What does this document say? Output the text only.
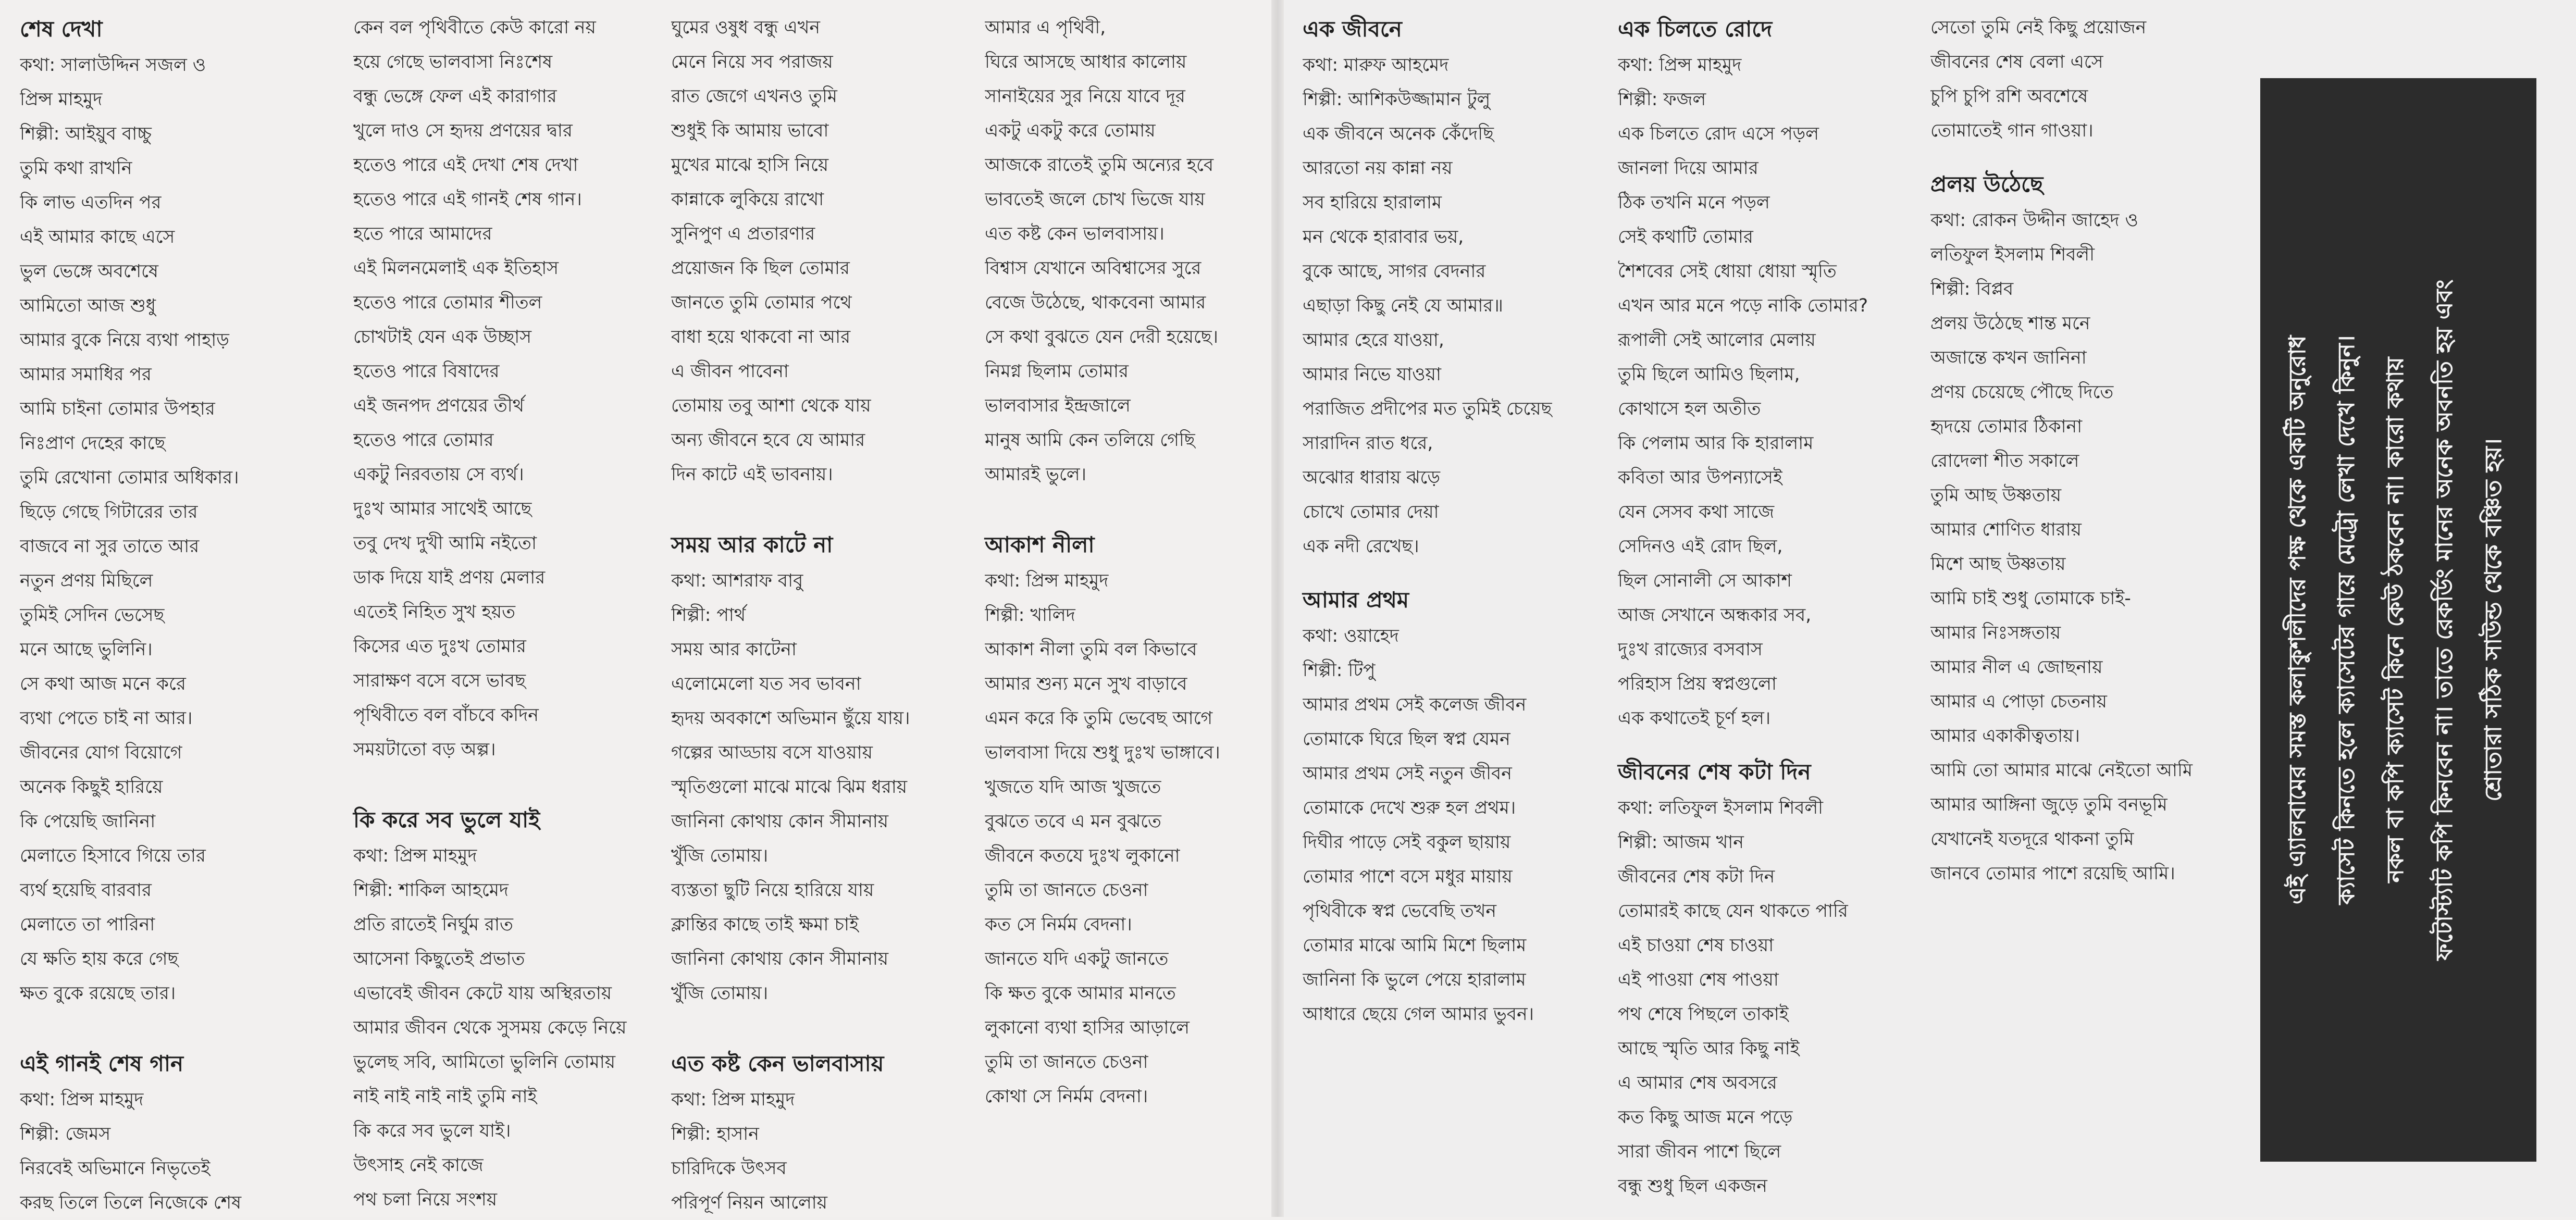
শেষ দেখা
কথা: সালাউদ্দিন সজল ও
প্রিন্স মাহমুদ
শিল্পী: আইয়ুব বাচ্চু
তুমি কথা রাখনি
কি লাভ এতদিন পর
এই আমার কাছে এসে
ভুল ভেঙ্গে অবশেষে
আমিতো আজ শুধু
আমার বুকে নিয়ে ব্যথা পাহাড়
আমার সমাধির পর
আমি চাইনা তোমার উপহার
নিঃপ্রাণ দেহের কাছে
তুমি রেখোনা তোমার অধিকার।
ছিড়ে গেছে গিটারের তার
বাজবে না সুর তাতে আর
নতুন প্রণয় মিছিলে
তুমিই সেদিন ভেসেছ
মনে আছে ভুলিনি।
সে কথা আজ মনে করে
ব্যথা পেতে চাই না আর।
জীবনের যোগ বিয়োগে
অনেক কিছুই হারিয়ে
কি পেয়েছি জানিনা
মেলাতে হিসাবে গিয়ে তার
ব্যর্থ হয়েছি বারবার
মেলাতে তা পারিনা
যে ক্ষতি হায় করে গেছ
ক্ষত বুকে রয়েছে তার।
এই গানই শেষ গান
কথা: প্রিন্স মাহমুদ
শিল্পী: জেমস
নিরবেই অভিমানে নিভৃতেই
করছ তিলে তিলে নিজেকে শেষ
কেন বল পৃথিবীতে কেউ কারো নয়
হয়ে গেছে ভালবাসা নিঃশেষ
বন্ধু ভেঙ্গে ফেল এই কারাগার
খুলে দাও সে হৃদয় প্রণয়ের দ্বার
হতেও পারে এই দেখা শেষ দেখা
হতেও পারে এই গানই শেষ গান।
হতে পারে আমাদের
এই মিলনমেলাই এক ইতিহাস
হতেও পারে তোমার শীতল
চোখটাই যেন এক উচ্ছাস
হতেও পারে বিষাদের
এই জনপদ প্রণয়ের তীর্থ
হতেও পারে তোমার
একটু নিরবতায় সে ব্যর্থ।
দুঃখ আমার সাথেই আছে
তবু দেখ দুখী আমি নইতো
ডাক দিয়ে যাই প্রণয় মেলার
এতেই নিহিত সুখ হয়ত
কিসের এত দুঃখ তোমার
সারাক্ষণ বসে বসে ভাবছ
পৃথিবীতে বল বাঁচবে কদিন
সময়টাতো বড় অল্প।
কি করে সব ভুলে যাই
কথা: প্রিন্স মাহমুদ
শিল্পী: শাকিল আহমেদ
প্রতি রাতেই নির্ঘুম রাত
আসেনা কিছুতেই প্রভাত
এভাবেই জীবন কেটে যায় অস্থিরতায়
আমার জীবন থেকে সুসময় কেড়ে নিয়ে
ভুলেছ সবি, আমিতো ভুলিনি তোমায়
নাই নাই নাই নাই তুমি নাই
কি করে সব ভুলে যাই।
উৎসাহ নেই কাজে
পথ চলা নিয়ে সংশয়
ঘুমের ওষুধ বন্ধু এখন
মেনে নিয়ে সব পরাজয়
রাত জেগে এখনও তুমি
শুধুই কি আমায় ভাবো
মুখের মাঝে হাসি নিয়ে
কান্নাকে লুকিয়ে রাখো
সুনিপুণ এ প্রতারণার
প্রয়োজন কি ছিল তোমার
জানতে তুমি তোমার পথে
বাধা হয়ে থাকবো না আর
এ জীবন পাবেনা
তোমায় তবু আশা থেকে যায়
অন্য জীবনে হবে যে আমার
দিন কাটে এই ভাবনায়।
সময় আর কাটে না
কথা: আশরাফ বাবু
শিল্পী: পার্থ
সময় আর কাটেনা
এলোমেলো যত সব ভাবনা
হৃদয় অবকাশে অভিমান ছুঁয়ে যায়।
গল্পের আড্ডায় বসে যাওয়ায়
স্মৃতিগুলো মাঝে মাঝে ঝিম ধরায়
জানিনা কোথায় কোন সীমানায়
খুঁজি তোমায়।
ব্যস্ততা ছুটি নিয়ে হারিয়ে যায়
ক্লান্তির কাছে তাই ক্ষমা চাই
জানিনা কোথায় কোন সীমানায়
খুঁজি তোমায়।
এত কষ্ট কেন ভালবাসায়
কথা: প্রিন্স মাহমুদ
শিল্পী: হাসান
চারিদিকে উৎসব
পরিপূর্ণ নিয়ন আলোয়
আমার এ পৃথিবী,
ঘিরে আসছে আধার কালোয়
সানাইয়ের সুর নিয়ে যাবে দূর
একটু একটু করে তোমায়
আজকে রাতেই তুমি অন্যের হবে
ভাবতেই জলে চোখ ভিজে যায়
এত কষ্ট কেন ভালবাসায়।
বিশ্বাস যেখানে অবিশ্বাসের সুরে
বেজে উঠেছে, থাকবেনা আমার
সে কথা বুঝতে যেন দেরী হয়েছে।
নিমগ্ন ছিলাম তোমার
ভালবাসার ইন্দ্রজালে
মানুষ আমি কেন তলিয়ে গেছি
আমারই ভুলে।
আকাশ নীলা
কথা: প্রিন্স মাহমুদ
শিল্পী: খালিদ
আকাশ নীলা তুমি বল কিভাবে
আমার শুন্য মনে সুখ বাড়াবে
এমন করে কি তুমি ভেবেছ আগে
ভালবাসা দিয়ে শুধু দুঃখ ভাঙ্গাবে।
খুজতে যদি আজ খুজতে
বুঝতে তবে এ মন বুঝতে
জীবনে কতযে দুঃখ লুকানো
তুমি তা জানতে চেওনা
কত সে নির্মম বেদনা।
জানতে যদি একটু জানতে
কি ক্ষত বুকে আমার মানতে
লুকানো ব্যথা হাসির আড়ালে
তুমি তা জানতে চেওনা
কোথা সে নির্মম বেদনা।
এক জীবনে
কথা: মারুফ আহমেদ
শিল্পী: আশিকউজ্জামান টুলু
এক জীবনে অনেক কেঁদেছি
আরতো নয় কান্না নয়
সব হারিয়ে হারালাম
মন থেকে হারাবার ভয়,
বুকে আছে, সাগর বেদনার
এছাড়া কিছু নেই যে আমার॥
আমার হেরে যাওয়া,
আমার নিভে যাওয়া
পরাজিত প্রদীপের মত তুমিই চেয়েছ
সারাদিন রাত ধরে,
অঝোর ধারায় ঝড়ে
চোখে তোমার দেয়া
এক নদী রেখেছ।
আমার প্রথম
কথা: ওয়াহেদ
শিল্পী: টিপু
আমার প্রথম সেই কলেজ জীবন
তোমাকে ঘিরে ছিল স্বপ্ন যেমন
আমার প্রথম সেই নতুন জীবন
তোমাকে দেখে শুরু হল প্রথম।
দিঘীর পাড়ে সেই বকুল ছায়ায়
তোমার পাশে বসে মধুর মায়ায়
পৃথিবীকে স্বপ্ন ভেবেছি তখন
তোমার মাঝে আমি মিশে ছিলাম
জানিনা কি ভুলে পেয়ে হারালাম
আধারে ছেয়ে গেল আমার ভুবন।
এক চিলতে রোদে
কথা: প্রিন্স মাহমুদ
শিল্পী: ফজল
এক চিলতে রোদ এসে পড়ল
জানলা দিয়ে আমার
ঠিক তখনি মনে পড়ল
সেই কথাটি তোমার
শৈশবের সেই ধোয়া ধোয়া স্মৃতি
এখন আর মনে পড়ে নাকি তোমার?
রূপালী সেই আলোর মেলায়
তুমি ছিলে আমিও ছিলাম,
কোথাসে হল অতীত
কি পেলাম আর কি হারালাম
কবিতা আর উপন্যাসেই
যেন সেসব কথা সাজে
সেদিনও এই রোদ ছিল,
ছিল সোনালী সে আকাশ
আজ সেখানে অন্ধকার সব,
দুঃখ রাজ্যের বসবাস
পরিহাস প্রিয় স্বপ্নগুলো
এক কথাতেই চূর্ণ হল।
জীবনের শেষ কটা দিন
কথা: লতিফুল ইসলাম শিবলী
শিল্পী: আজম খান
জীবনের শেষ কটা দিন
তোমারই কাছে যেন থাকতে পারি
এই চাওয়া শেষ চাওয়া
এই পাওয়া শেষ পাওয়া
পথ শেষে পিছলে তাকাই
আছে স্মৃতি আর কিছু নাই
এ আমার শেষ অবসরে
কত কিছু আজ মনে পড়ে
সারা জীবন পাশে ছিলে
বন্ধু শুধু ছিল একজন
সেতো তুমি নেই কিছু প্রয়োজন
জীবনের শেষ বেলা এসে
চুপি চুপি রশি অবশেষে
তোমাতেই গান গাওয়া।
প্রলয় উঠেছে
কথা: রোকন উদ্দীন জাহেদ ও
লতিফুল ইসলাম শিবলী
শিল্পী: বিপ্লব
প্রলয় উঠেছে শান্ত মনে
অজান্তে কখন জানিনা
প্রণয় চেয়েছে পৌছে দিতে
হৃদয়ে তোমার ঠিকানা
রোদেলা শীত সকালে
তুমি আছ উষ্ণতায়
আমার শোণিত ধারায়
মিশে আছ উষ্ণতায়
আমি চাই শুধু তোমাকে চাই-
আমার নিঃসঙ্গতায়
আমার নীল এ জোছনায়
আমার এ পোড়া চেতনায়
আমার একাকীত্বতায়।
আমি তো আমার মাঝে নেইতো আমি
আমার আঙ্গিনা জুড়ে তুমি বনভূমি
যেখানেই যতদূরে থাকনা তুমি
জানবে তোমার পাশে রয়েছি আমি।	এই এ্যালবামের সমস্ত কলাকুশলীদের পক্ষ থেকে একটি অনুরোধ ক্যাসেট কিনতে হলে ক্যাসেটের গায়ে মেট্রো লেখা দেখে কিনুন। নকল বা কপি ক্যাসেট কিনে কেউ ঠকবেন না। কারো কথায় ফটোস্ট্যাট কপি কিনবেন না। তাতে রেকর্ডিং মানের অনেক অবনতি হয় এবং শ্রোতারা সঠিক সাউন্ড থেকে বঞ্চিত হয়।
